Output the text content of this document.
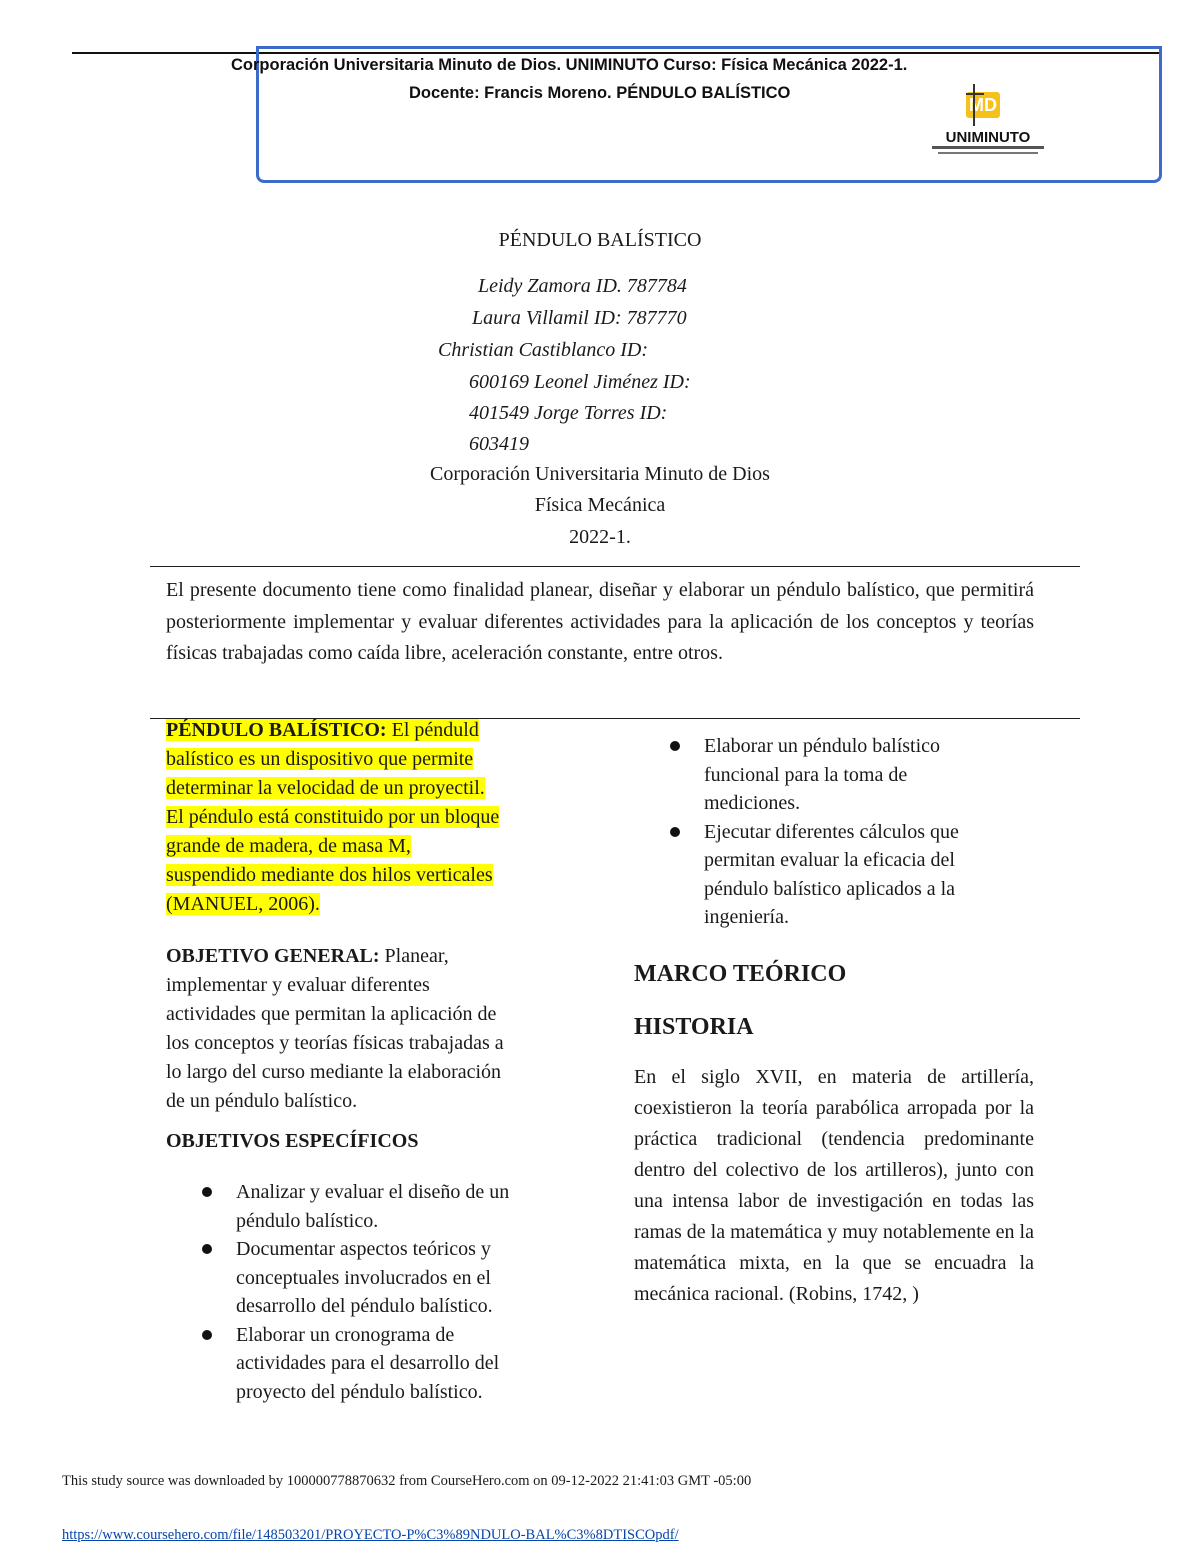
Corporación Universitaria Minuto de Dios. UNIMINUTO Curso: Física Mecánica 2022-1.
Docente: Francis Moreno. PÉNDULO BALÍSTICO
MD
UNIMINUTO
PÉNDULO BALÍSTICO
Leidy Zamora ID. 787784
Laura Villamil ID: 787770
Christian Castiblanco ID:
600169 Leonel Jiménez ID:
401549 Jorge Torres ID:
603419
Corporación Universitaria Minuto de Dios
Física Mecánica
2022-1.
El presente documento tiene como finalidad planear, diseñar y elaborar un péndulo balístico, que permitirá posteriormente implementar y evaluar diferentes actividades para la aplicación de los conceptos y teorías físicas trabajadas como caída libre, aceleración constante, entre otros.
PÉNDULO BALÍSTICO: El pénduld
balístico es un dispositivo que permite
determinar la velocidad de un proyectil.
El péndulo está constituido por un bloque
grande de madera, de masa M,
suspendido mediante dos hilos verticales
(MANUEL, 2006).
OBJETIVO GENERAL: Planear,
implementar y evaluar diferentes
actividades que permitan la aplicación de
los conceptos y teorías físicas trabajadas a
lo largo del curso mediante la elaboración
de un péndulo balístico.
OBJETIVOS ESPECÍFICOS
Analizar y evaluar el diseño de un
péndulo balístico.
Documentar aspectos teóricos y
conceptuales involucrados en el
desarrollo del péndulo balístico.
Elaborar un cronograma de
actividades para el desarrollo del
proyecto del péndulo balístico.
Elaborar un péndulo balístico
funcional para la toma de
mediciones.
Ejecutar diferentes cálculos que
permitan evaluar la eficacia del
péndulo balístico aplicados a la
ingeniería.
MARCO TEÓRICO
HISTORIA
En el siglo XVII, en materia de artillería, coexistieron la teoría parabólica arropada por la práctica tradicional (tendencia predominante dentro del colectivo de los artilleros), junto con una intensa labor de investigación en todas las ramas de la matemática y muy notablemente en la matemática mixta, en la que se encuadra la mecánica racional. (Robins, 1742, )
This study source was downloaded by 100000778870632 from CourseHero.com on 09-12-2022 21:41:03 GMT -05:00
https://www.coursehero.com/file/148503201/PROYECTO-P%C3%89NDULO-BAL%C3%8DTISCOpdf/
